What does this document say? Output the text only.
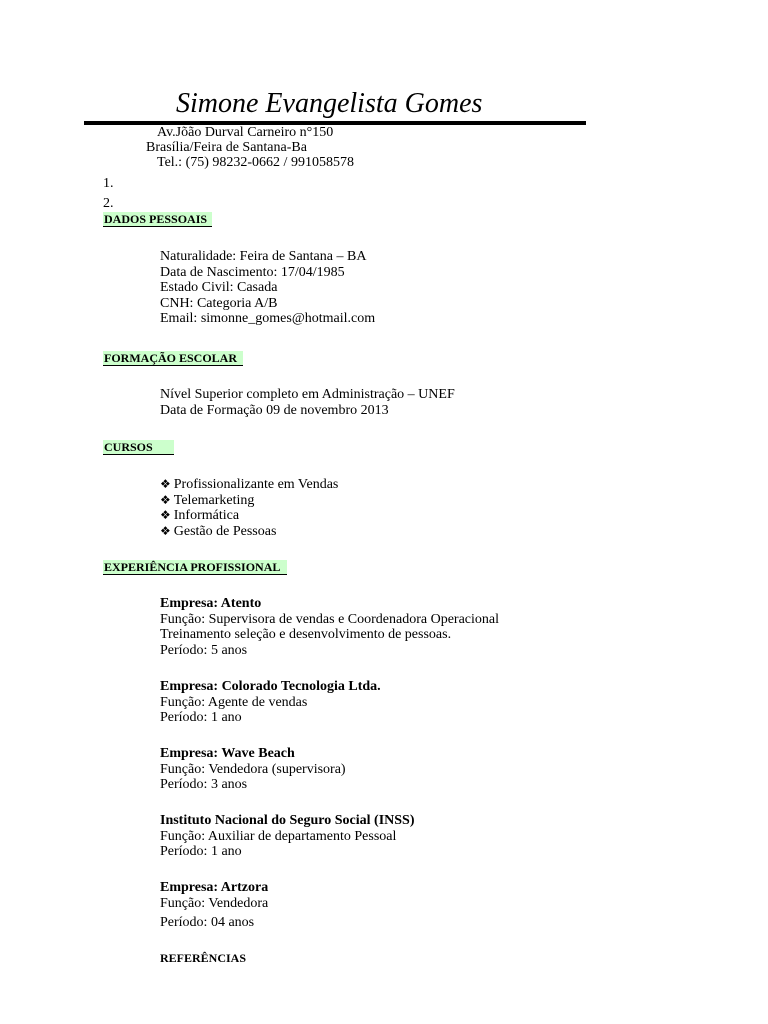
Simone Evangelista Gomes
Av.Jõão Durval Carneiro n°150
Brasília/Feira de Santana-Ba
Tel.: (75) 98232-0662 / 991058578
1.
2.
DADOS PESSOAIS
Naturalidade: Feira de Santana – BA
Data de Nascimento: 17/04/1985
Estado Civil: Casada
CNH: Categoria A/B
Email: simonne_gomes@hotmail.com
FORMAÇÃO ESCOLAR
Nível Superior completo em Administração – UNEF
Data de Formação 09 de novembro 2013
CURSOS
❖ Profissionalizante em Vendas
❖ Telemarketing
❖ Informática
❖ Gestão de Pessoas
EXPERIÊNCIA PROFISSIONAL
Empresa: Atento
Função: Supervisora de vendas e Coordenadora Operacional
Treinamento seleção e desenvolvimento de pessoas.
Período: 5 anos
Empresa: Colorado Tecnologia Ltda.
Função: Agente de vendas
Período: 1 ano
Empresa: Wave Beach
Função: Vendedora (supervisora)
Período: 3 anos
Instituto Nacional do Seguro Social (INSS)
Função: Auxiliar de departamento Pessoal
Período: 1 ano
Empresa: Artzora
Função: Vendedora
Período: 04 anos
REFERÊNCIAS
